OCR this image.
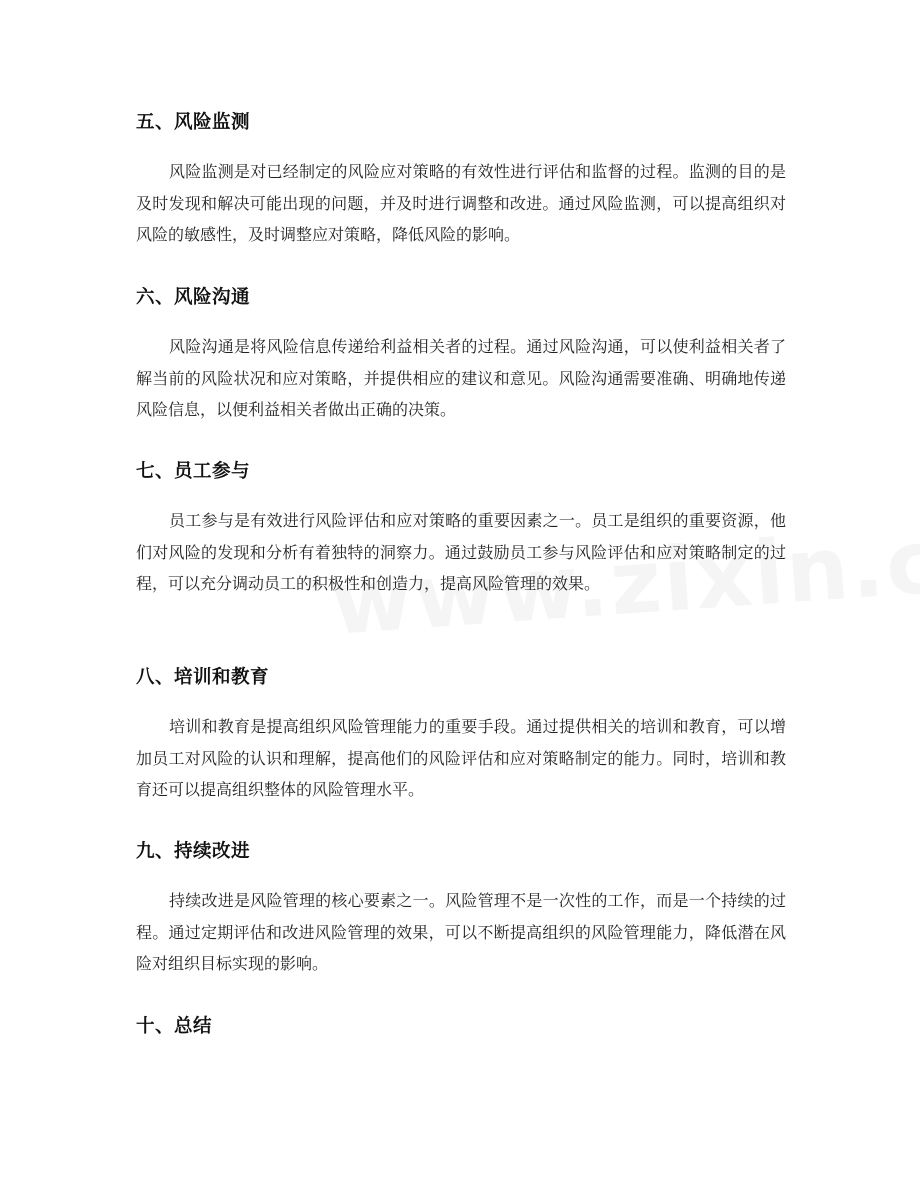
五、风险监测
风险监测是对已经制定的风险应对策略的有效性进行评估和监督的过程。监测的目的是及时发现和解决可能出现的问题，并及时进行调整和改进。通过风险监测，可以提高组织对风险的敏感性，及时调整应对策略，降低风险的影响。
六、风险沟通
风险沟通是将风险信息传递给利益相关者的过程。通过风险沟通，可以使利益相关者了解当前的风险状况和应对策略，并提供相应的建议和意见。风险沟通需要准确、明确地传递风险信息，以便利益相关者做出正确的决策。
七、员工参与
员工参与是有效进行风险评估和应对策略的重要因素之一。员工是组织的重要资源，他们对风险的发现和分析有着独特的洞察力。通过鼓励员工参与风险评估和应对策略制定的过程，可以充分调动员工的积极性和创造力，提高风险管理的效果。
八、培训和教育
培训和教育是提高组织风险管理能力的重要手段。通过提供相关的培训和教育，可以增加员工对风险的认识和理解，提高他们的风险评估和应对策略制定的能力。同时，培训和教育还可以提高组织整体的风险管理水平。
九、持续改进
持续改进是风险管理的核心要素之一。风险管理不是一次性的工作，而是一个持续的过程。通过定期评估和改进风险管理的效果，可以不断提高组织的风险管理能力，降低潜在风险对组织目标实现的影响。
十、总结
